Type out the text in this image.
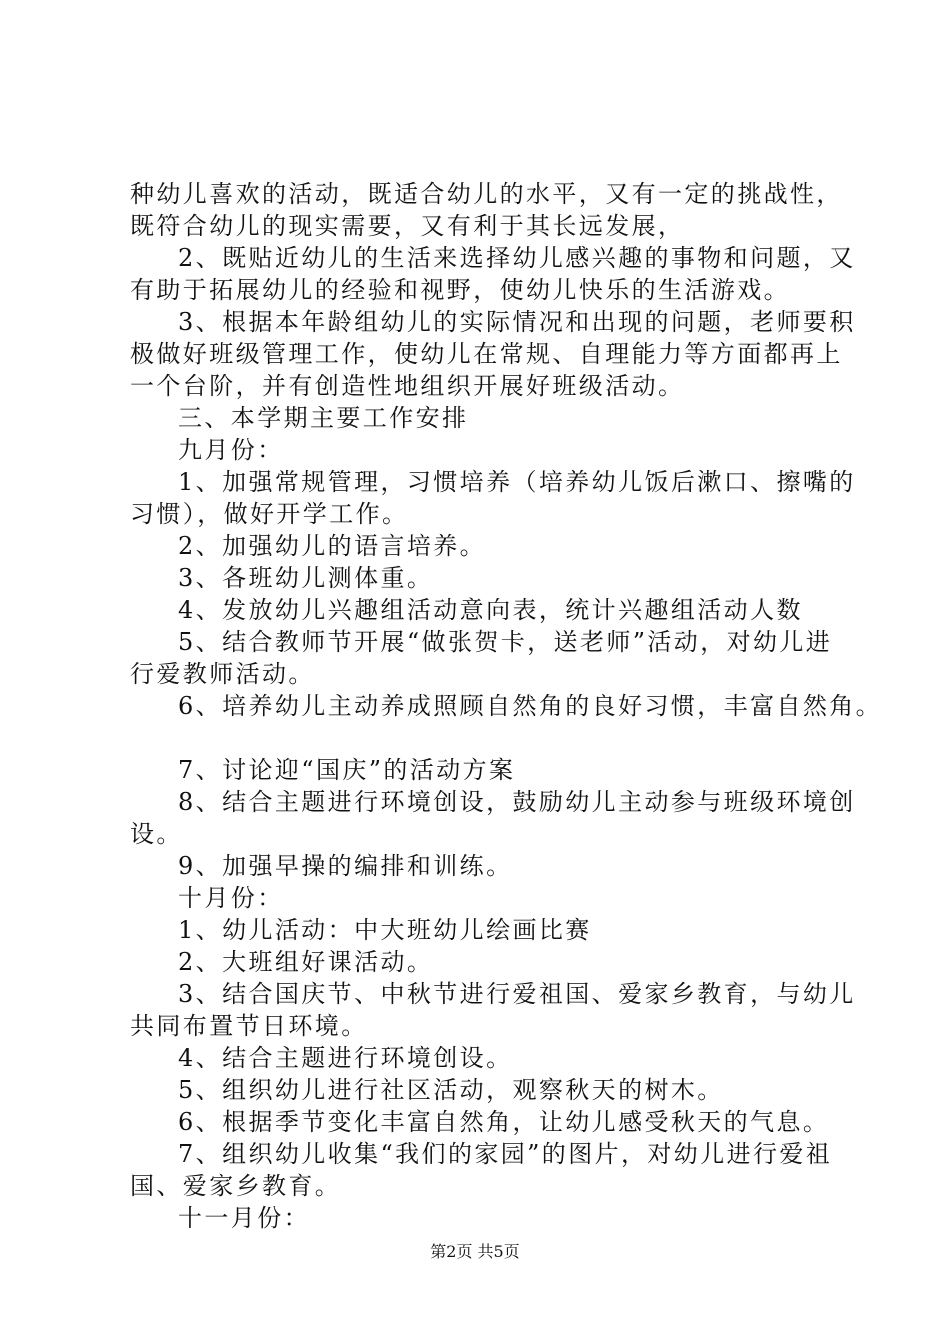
种幼儿喜欢的活动，既适合幼儿的水平，又有一定的挑战性，
既符合幼儿的现实需要，又有利于其长远发展，
2、既贴近幼儿的生活来选择幼儿感兴趣的事物和问题，又
有助于拓展幼儿的经验和视野，使幼儿快乐的生活游戏。
3、根据本年龄组幼儿的实际情况和出现的问题，老师要积
极做好班级管理工作，使幼儿在常规、自理能力等方面都再上
一个台阶，并有创造性地组织开展好班级活动。
三、本学期主要工作安排
九月份：
1、加强常规管理，习惯培养（培养幼儿饭后漱口、擦嘴的
习惯），做好开学工作。
2、加强幼儿的语言培养。
3、各班幼儿测体重。
4、发放幼儿兴趣组活动意向表，统计兴趣组活动人数
5、结合教师节开展“做张贺卡，送老师”活动，对幼儿进
行爱教师活动。
6、培养幼儿主动养成照顾自然角的良好习惯，丰富自然角。
7、讨论迎“国庆”的活动方案
8、结合主题进行环境创设，鼓励幼儿主动参与班级环境创
设。
9、加强早操的编排和训练。
十月份：
1、幼儿活动：中大班幼儿绘画比赛
2、大班组好课活动。
3、结合国庆节、中秋节进行爱祖国、爱家乡教育，与幼儿
共同布置节日环境。
4、结合主题进行环境创设。
5、组织幼儿进行社区活动，观察秋天的树木。
6、根据季节变化丰富自然角，让幼儿感受秋天的气息。
7、组织幼儿收集“我们的家园”的图片，对幼儿进行爱祖
国、爱家乡教育。
十一月份：
第2页 共5页
